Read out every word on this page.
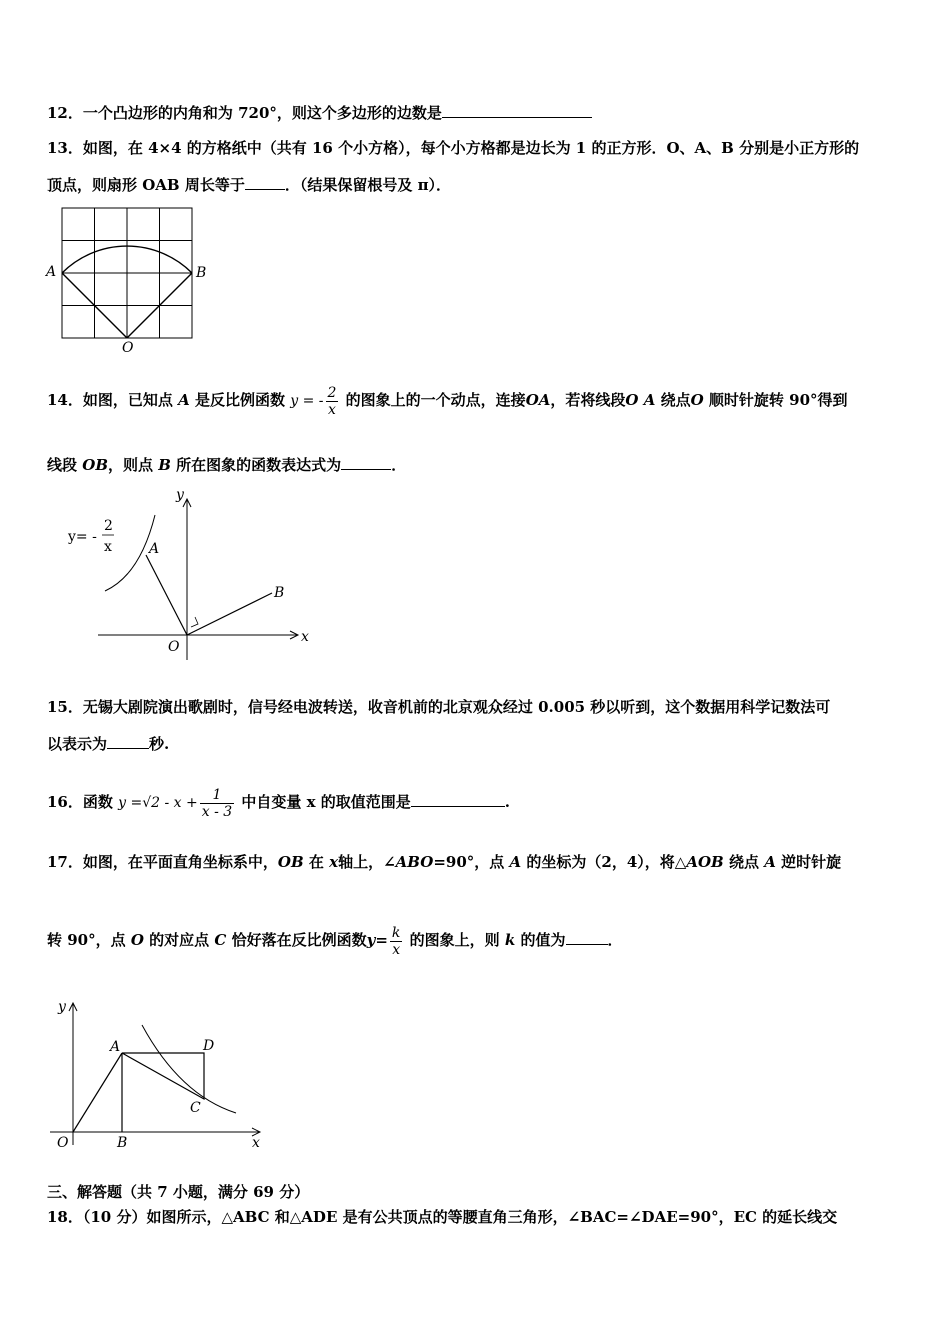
12．一个凸边形的内角和为 720°，则这个多边形的边数是
13．如图，在 4×4 的方格纸中（共有 16 个小方格），每个小方格都是边长为 1 的正方形．O、A、B 分别是小正方形的
顶点，则扇形 OAB 周长等于	．（结果保留根号及 π）．
A	B
O
14．如图，已知点 A 是反比例函数 y = - $\frac{2}{x}$ 的图象上的一个动点，连接OA，若将线段O A 绕点O 顺时针旋转 90°得到
线段 OB，则点 B 所在图象的函数表达式为	．
y= -
2
x	A
B
O
x
y
15．无锡大剧院演出歌剧时，信号经电波转送，收音机前的北京观众经过 0.005 秒以听到，这个数据用科学记数法可
以表示为	秒.
16．函数 $y =√2 - x + \frac{1}{x - 3}$ 中自变量 x 的取值范围是	.
17．如图，在平面直角坐标系中，OB 在 x轴上，∠ABO=90°，点 A 的坐标为（2，4），将△AOB 绕点 A 逆时针旋
转 90°，点 O 的对应点 C 恰好落在反比例函数$y= \frac{k}{x}$ 的图象上，则 k 的值为	．
y
A	D
C
O	B	x
三、解答题（共 7 小题，满分 69 分）
18．（10 分）如图所示，△ABC 和△ADE 是有公共顶点的等腰直角三角形，∠BAC=∠DAE=90°，EC 的延长线交
